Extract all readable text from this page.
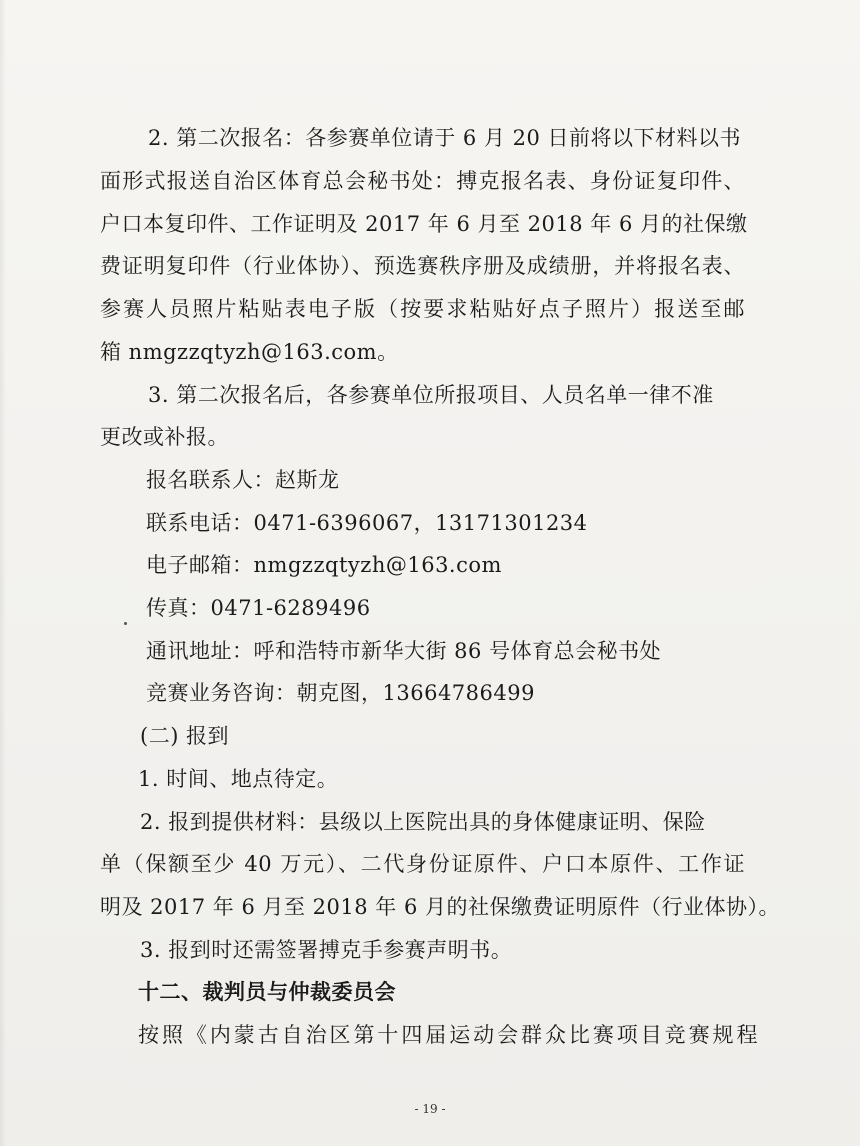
2. 第二次报名：各参赛单位请于 6 月 20 日前将以下材料以书
面形式报送自治区体育总会秘书处：搏克报名表、身份证复印件、
户口本复印件、工作证明及 2017 年 6 月至 2018 年 6 月的社保缴
费证明复印件（行业体协）、预选赛秩序册及成绩册，并将报名表、
参赛人员照片粘贴表电子版（按要求粘贴好点子照片）报送至邮
箱 nmgzzqtyzh@163.com。
3. 第二次报名后，各参赛单位所报项目、人员名单一律不准
更改或补报。
报名联系人：赵斯龙
联系电话：0471-6396067，13171301234
电子邮箱：nmgzzqtyzh@163.com
传真：0471-6289496
通讯地址：呼和浩特市新华大街 86 号体育总会秘书处
竞赛业务咨询：朝克图，13664786499
(二) 报到
1. 时间、地点待定。
2. 报到提供材料：县级以上医院出具的身体健康证明、保险
单（保额至少 40 万元）、二代身份证原件、户口本原件、工作证
明及 2017 年 6 月至 2018 年 6 月的社保缴费证明原件（行业体协）。
3. 报到时还需签署搏克手参赛声明书。
十二、裁判员与仲裁委员会
按照《内蒙古自治区第十四届运动会群众比赛项目竞赛规程
- 19 -
